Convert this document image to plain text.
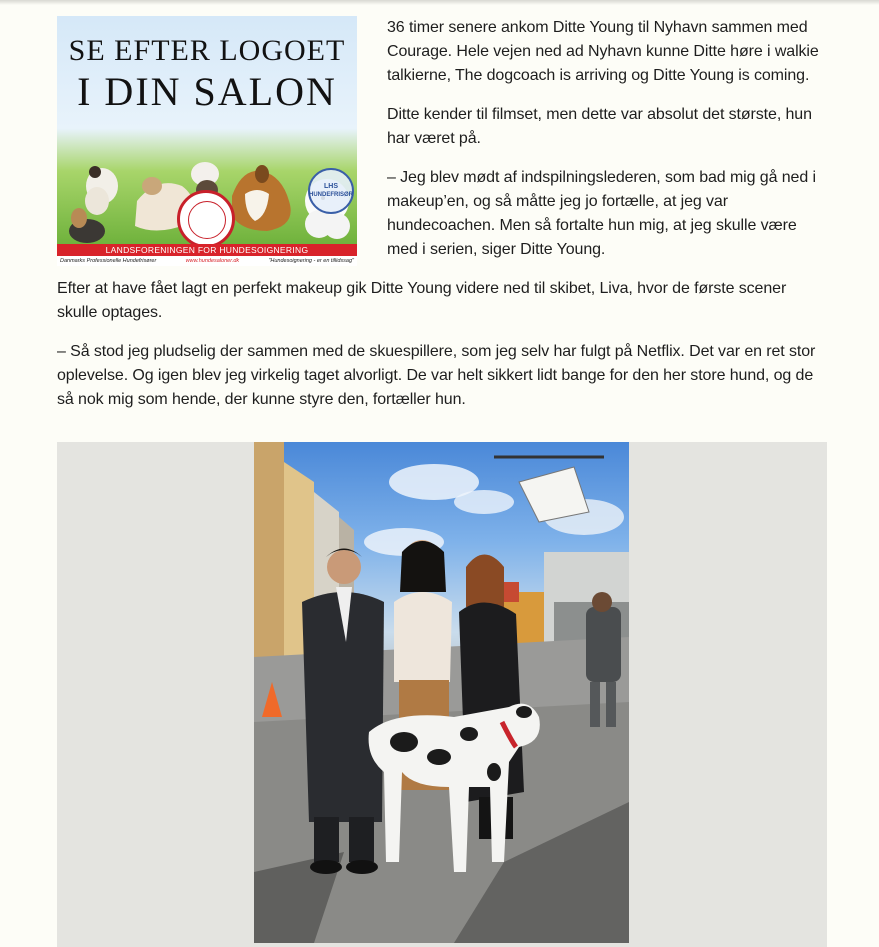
SE EFTER LOGOET
I DIN SALON
LHS
HUNDEFRISØR
LANDSFORENINGEN FOR HUNDESOIGNERING
Danmarks Professionelle Hundefrisører	www.hundesaloner.dk	"Hundesoignering - er en tillidssag"

36 timer senere ankom Ditte Young til Nyhavn sammen med Courage. Hele vejen ned ad Nyhavn kunne Ditte høre i walkie talkierne, The dogcoach is arriving og Ditte Young is coming.

Ditte kender til filmset, men dette var absolut det største, hun har været på.

– Jeg blev mødt af indspilningslederen, som bad mig gå ned i makeup’en, og så måtte jeg jo fortælle, at jeg var hundecoachen. Men så fortalte hun mig, at jeg skulle være med i serien, siger Ditte Young.

Efter at have fået lagt en perfekt makeup gik Ditte Young videre ned til skibet, Liva, hvor de første scener skulle optages.

– Så stod jeg pludselig der sammen med de skuespillere, som jeg selv har fulgt på Netflix. Det var en ret stor oplevelse. Og igen blev jeg virkelig taget alvorligt. De var helt sikkert lidt bange for den her store hund, og de så nok mig som hende, der kunne styre den, fortæller hun.
